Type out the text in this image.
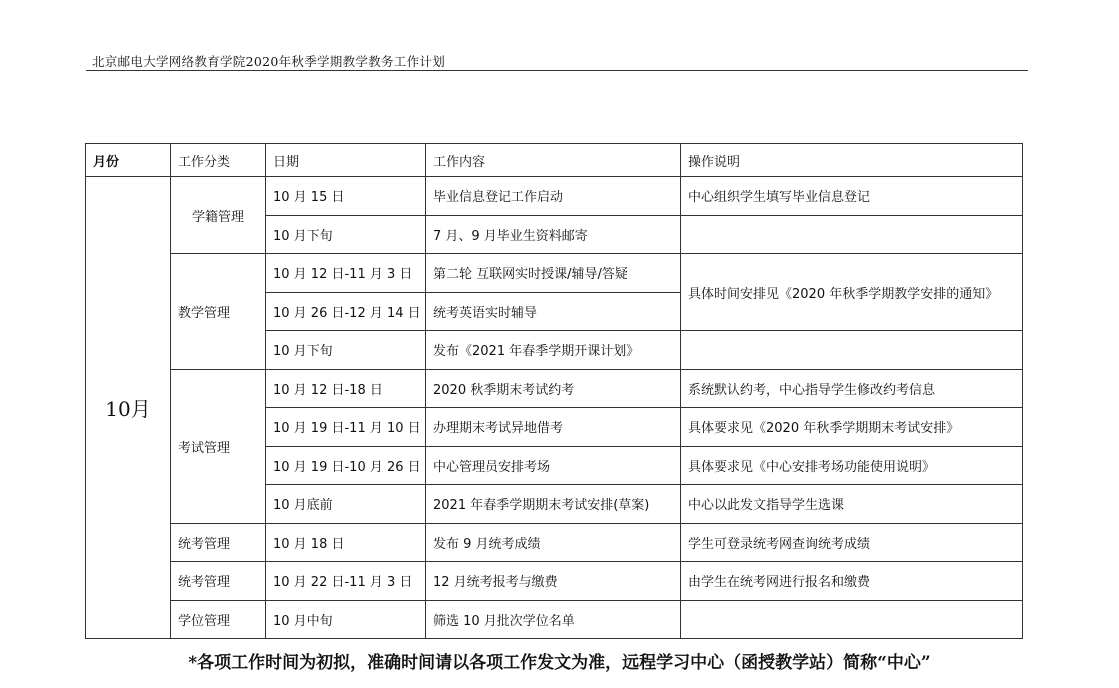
北京邮电大学网络教育学院2020年秋季学期教学教务工作计划
月份	工作分类	日期	工作内容	操作说明
10月	学籍管理	10 月 15 日	毕业信息登记工作启动	中心组织学生填写毕业信息登记
		10 月下旬	7 月、9 月毕业生资料邮寄	
	教学管理	10 月 12 日-11 月 3 日	第二轮 互联网实时授课/辅导/答疑	具体时间安排见《2020 年秋季学期教学安排的通知》
		10 月 26 日-12 月 14 日	统考英语实时辅导	
		10 月下旬	发布《2021 年春季学期开课计划》	
	考试管理	10 月 12 日-18 日	2020 秋季期末考试约考	系统默认约考，中心指导学生修改约考信息
		10 月 19 日-11 月 10 日	办理期末考试异地借考	具体要求见《2020 年秋季学期期末考试安排》
		10 月 19 日-10 月 26 日	中心管理员安排考场	具体要求见《中心安排考场功能使用说明》
		10 月底前	2021 年春季学期期末考试安排(草案)	中心以此发文指导学生选课
	统考管理	10 月 18 日	发布 9 月统考成绩	学生可登录统考网查询统考成绩
	统考管理	10 月 22 日-11 月 3 日	12 月统考报考与缴费	由学生在统考网进行报名和缴费
	学位管理	10 月中旬	筛选 10 月批次学位名单	
*各项工作时间为初拟，准确时间请以各项工作发文为准，远程学习中心（函授教学站）简称“中心”
